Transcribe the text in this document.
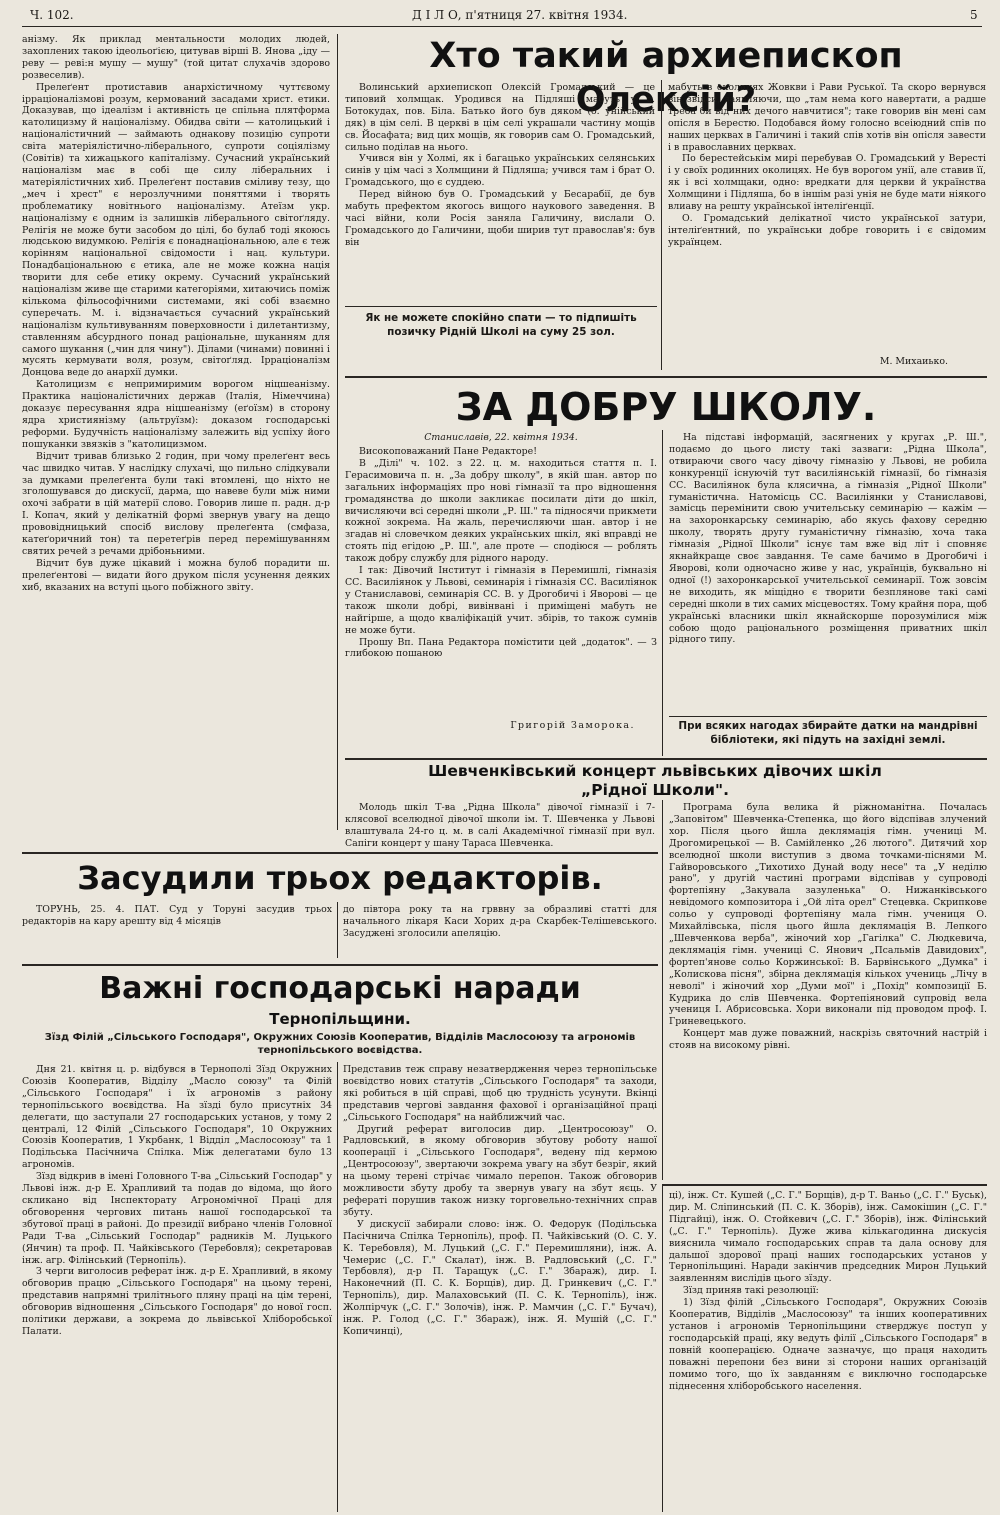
Ч. 102.	Д І Л О, п'ятниця 27. квітня 1934.	5

анізму. Як приклад ментальности молодих людей, захоплених такою ідеольоґією, цитував вірші В. Янова „іду — реву — реві:н мушу — мушу" (той цитат слухачів здорово розвеселив).

Прелеґент протиставив анархістичному чуттєвому ірраціоналізмові розум, кермований засадами христ. етики. Доказував, що ідеалізм і активність це спільна плятформа католицизму й націоналізму. Обидва світи — католицький і націоналістичний — займають однакову позицію супроти світа матеріялістично-ліберального, супроти соціялізму (Совітів) та хижацького капіталізму. Сучасний український націоналізм має в собі ще силу ліберальних і матеріялістичних хиб. Прелеґент поставив сміливу тезу, що „меч і хрест" є нерозлучними поняттями і творять проблематику новітнього націоналізму. Атеїзм укр. націоналізму є одним із залишків ліберального світоґляду. Релігія не може бути засобом до цілі, бо булаб тоді якоюсь людською видумкою. Релігія є понаднаціональною, але є теж корінням національної свідомости і нац. культури. Понадбаціональною є етика, але не може кожна нація творити для себе етику окрему. Сучасний український націоналізм живе ще старими категоріями, хитаючись поміж кількома фільософічними системами, які собі взаємно суперечать. М. і. відзначається сучасний український націоналізм культивуванням поверховности і дилетантизму, ставленням абсурдного понад раціональне, шуканням для самого шукання („чин для чину"). Ділами (чинами) повинні і мусять кермувати воля, розум, світоґляд. Ірраціоналізм Донцова веде до анархії думки.

Католицизм є непримиримим ворогом ніцшеанізму. Практика націоналістичних держав (Італія, Німеччина) доказує пересування ядра ніцшеанізму (еґоїзм) в сторону ядра християнізму (альтруїзм): доказом господарські реформи. Будучність націоналізму залежить від успіху його пошуканки звязків з "католицизмом.

Відчит тривав близько 2 годин, при чому прелеґент весь час швидко читав. У наслідку слухачі, що пильно слідкували за думками прелеґента були такі втомлені, що ніхто не зголошувався до дискусії, дарма, що навеве були між ними охочі забрати в цій матерії слово. Говорив лише п. радн. д-р І. Копач, який у делікатній формі звернув увагу на дещо прововідницький спосіб вислову прелеґента (смфаза, катеґоричний тон) та перетеґрів перед перемішуванням святих речей з речами дрібоньними.

Відчит був дуже цікавий і можна булоб порадити ш. прелеґентові — видати його друком після усунення деяких хиб, вказаних на вступі цього побіжного звіту.

Хто такий архиепископ Олексій?

Волинський архиепископ Олексій Громадський — це типовий холмщак. Уродився на Підляші мабуть у с. Ботокудах, пов. Біла. Батько його був дяком (б. унійський дяк) в цім селі. В церкві в цім селі украшали частину мощів св. Йосафата; вид цих мощів, як говорив сам О. Громадський, сильно поділав на нього.

Учився він у Холмі, як і багацько українських селянських синів у цім часі з Холмщини й Підляша; учився там і брат О. Громадського, що є суддею.

Перед війною був О. Громадський у Бесарабії, де був мабуть префектом якогось вищого наукового заведення. В часі війни, коли Росія заняла Галичину, вислали О. Громадського до Галичини, щоби ширив тут православ'я: був він

мабуть в околицях Жовкви і Рави Руської. Та скоро вернувся він звідси, заявляючи, що „там нема кого навертати, а радше треба би від них дечого навчитися"; таке говорив він мені сам опісля в Берестю. Подобався йому голосно всеіюдний спів по наших церквах в Галичині і такий спів хотів він опісля завести і в православних церквах.

По берестейськім мирі перебував О. Громадський у Вересті і у своїх родинних околицях. Не був ворогом унії, але ставив її, як і всі холмщаки, одно: вредкати для церкви й українства Холмщини і Підляша, бо в іншім разі унія не буде мати ніякого влиаву на решту української інтеліґенції.

О. Громадський делікатної чисто української затури, інтеліґентний, по українськи добре говорить і є свідомим українцем.

М. Михаиько.

Як не можете спокійно спати — то підпишіть позичку Рідній Школі на суму 25 зол.
ЗА ДОБРУ ШКОЛУ.

Станиславів, 22. квітня 1934.

Високоповажаний Пане Редакторе!

В „Ділі" ч. 102. з 22. ц. м. находиться стаття п. І. Герасимовича п. н. „За добру школу", в якій шан. автор по загальних інформаціях про нові гімназії та про відношення громадянства до школи закликає посилати діти до шкіл, вичисляючи всі середні школи „Р. Ш." та підносячи прикмети кожної зокрема. На жаль, перечисляючи шан. автор і не згадав ні словечком деяких українських шкіл, які вправді не стоять під егідою „Р. Ш.", але проте — сподіюся — роблять також добру службу для рідного народу.

І так: Дівочий Інститут і гімназія в Перемишлі, гімназія СС. Василіянок у Львові, семинарія і гімназія СС. Василіянок у Станиславові, семинарія СС. В. у Дрогобичі і Яворові — це також школи добрі, вивінвані і приміщені мабуть не найгірше, а щодо кваліфікацій учит. збірів, то також сумнів не може бути.

Прошу Вп. Пана Редактора помістити цей „додаток". — З глибокою пошаною

Григорій Заморока.

На підставі інформацій, засягнених у кругах „Р. Ш.", подаємо до цього листу такі зазваги: „Рідна Школа", отвираючи свого часу дівочу гімназію у Львові, не робила конкуренції існуючій тут василіянській гімназії, бо гімназія СС. Василіянок була клясична, а гімназія „Рідної Школи" гуманістична. Натомісць СС. Василіянки у Станиславові, замісць перемінити свою учительську семинарію — кажім — на захоронкарську семинарію, або якусь фахову середню школу, творять другу гуманістичну гімназію, хоча така гімназія „Рідної Школи" існує там вже від літ і сповняє якнайкраще своє завдання. Те саме бачимо в Дрогобичі і Яворові, коли одночасно живе у нас, українців, буквально ні одної (!) захоронкарської учительської семинарії. Тож зовсім не виходить, як міщідно є творити безплянове такі самі середні школи в тих самих місцевостях. Тому крайня пора, щоб українські власники шкіл якнайскорше порозумілися між собою щодо раціонального розміщення приватних шкіл рідного типу.

При всяких нагодах збирайте датки на мандрівні бібліотеки, які підуть на західні землі.
Шевченківський концерт львівських дівочих шкіл „Рідної Школи".

Молодь шкіл Т-ва „Рідна Школа" дівочої гімназії і 7-клясової вселюдної дівочої школи ім. Т. Шевченка у Львові влаштувала 24-го ц. м. в салі Академічної гімназії при вул. Сапіги концерт у шану Тараса Шевченка.

Програма була велика й ріжноманітна. Почалась „Заповітом" Шевченка-Степенка, що його відспівав злучений хор. Після цього йшла деклямація гімн. учениці М. Дрогомирецької — В. Самійленко „26 лютого". Дитячий хор вселюдної школи виступив з двома точками-піснями М. Гайворовського „Тихотихо Дунай воду несе" та „У неділю рано", у другій частині програми відспівав у супроводі фортепіяну „Закувала зазуленька" О. Нижанківського невідомого композитора і „Ой літа орел" Стецевка. Скрипкове сольо у супроводі фортепіяну мала гімн. учениця О. Михайлівська, після цього йшла деклямація В. Лепкого „Шевченкова верба", жіночий хор „Гагілка" С. Людкевича, деклямація гімн. учениці С. Янович „Псальмів Давидових", фортеп'янове сольо Коржинської: В. Барвінського „Думка" і „Колискова пісня", збірна деклямація кількох учениць „Лічу в неволі" і жіночий хор „Думи мої" і „Похід" композиції Б. Кудрика до слів Шевченка. Фортепіяновий супровід вела учениця І. Абрисовська. Хори виконали під проводом проф. І. Гриневецького.

Концерт мав дуже поважний, наскрізь святочний настрій і стояв на високому рівні.

Засудили трьох редакторів.

ТОРУНЬ, 25. 4. ПАТ. Суд у Торуні засудив трьох редакторів на кару арешту від 4 місяців

до півтора року та на грввну за образливі статті для начального лікаря Каси Хорих д-ра Скарбек-Телішевського. Засуджені зголосили апеляцію.

Важні господарські наради
Тернопільщини.

Зїзд Філій „Сільського Господаря", Окружних Союзів Кооператив, Відділів Маслосоюзу та агрономів тернопільського воєвідства.

Дня 21. квітня ц. р. відбувся в Тернополі Зїзд Окружних Союзів Кооператив, Відділу „Масло союзу" та Філій „Сільського Господаря" і їх агрономів з району тернопільського воєвідства. На зїзді було присутніх 34 делегати, що заступали 27 господарських установ, у тому 2 централі, 12 Філій „Сільського Господаря", 10 Окружних Союзів Кооператив, 1 Укрбанк, 1 Відділ „Маслосоюзу" та 1 Подільська Пасічнича Спілка. Між делегатами було 13 агрономів.

Зїзд відкрив в імені Головного Т-ва „Сільський Господар" у Львові інж. д-р Е. Храпливий та подав до відома, що його скликано від Інспекторату Агрономічної Праці для обговорення чергових питань нашої господарської та збутової праці в районі. До президії вибрано членів Головної Ради Т-ва „Сільський Господар" радників М. Луцького (Янчин) та проф. П. Чайківського (Теребовля); секретаровав інж. агр. Філінський (Тернопіль).

З черги виголосив реферат інж. д-р Е. Храпливий, в якому обговорив працю „Сільського Господаря" на цьому терені, представив напрямні трилітнього пляну праці на цім терені, обговорив відношення „Сільського Господаря" до нової госп. політики держави, а зокрема до львівської Хліборобської Палати.

Представив теж справу незатвердження через тернопільське воєвідство нових статутів „Сільського Господаря" та заходи, які робиться в цій справі, щоб цю трудність усунути. Вкінці представив чергові завдання фахової і організаційної праці „Сільського Господаря" на найближчий час.

Другий реферат виголосив дир. „Центросоюзу" О. Радловський, в якому обговорив збутову роботу нашої кооперації і „Сільського Господаря", ведену під кермою „Центросоюзу", звертаючи зокрема увагу на збут безріг, який на цьому терені стрічає чимало перепон. Також обговорив можливости збуту дробу та звернув увагу на збут яєць. У рефераті порушив також низку торговельно-технічних справ збуту.

У дискусії забирали слово: інж. О. Федорук (Подільська Пасічнича Спілка Тернопіль), проф. П. Чайківський (О. С. У. К. Теребовля), М. Луцький („С. Г." Перемишляни), інж. А. Чемерис („С. Г." Скалат), інж. В. Радловський („С. Г." Тербовля), д-р П. Таращук („С. Г." Збараж), дир. І. Наконечний (П. С. К. Борщів), дир. Д. Гринкевич („С. Г." Тернопіль), дир. Малаховський (П. С. К. Тернопіль), інж. Жолпірчук („С. Г." Золочів), інж. Р. Мамчин („С. Г." Бучач), інж. Р. Голод („С. Г." Збараж), інж. Я. Мушій („С. Г." Копичинці),

ці), інж. Ст. Кушей („С. Г." Борщів), д-р Т. Ваньо („С. Г." Буськ), дир. М. Сліпинський (П. С. К. Зборів), інж. Самокішин („С. Г." Підгайці), інж. О. Стойкевич („С. Г." Зборів), інж. Філінський („С. Г." Тернопіль). Дуже жива кількагодинна дискусія вияснила чимало господарських справ та дала основу для дальшої здорової праці наших господарських установ у Тернопільщині. Наради закінчив председник Мирон Луцький заявленням вислідів цього зїзду.

Зїзд приняв такі резолюції:

1) Зїзд філій „Сільського Господаря", Окружних Союзів Кооператив, Відділів „Маслосоюзу" та інших кооперативних установ і агрономів Тернопільщини стверджує поступ у господарській праці, яку ведуть філії „Сільського Господаря" в повній кооперацією. Одначе зазначує, що праця находить поважні перепони без вини зі сторони наших організацій помимо того, що їх завданням є виключно господарське піднесення хліборобського населення.
